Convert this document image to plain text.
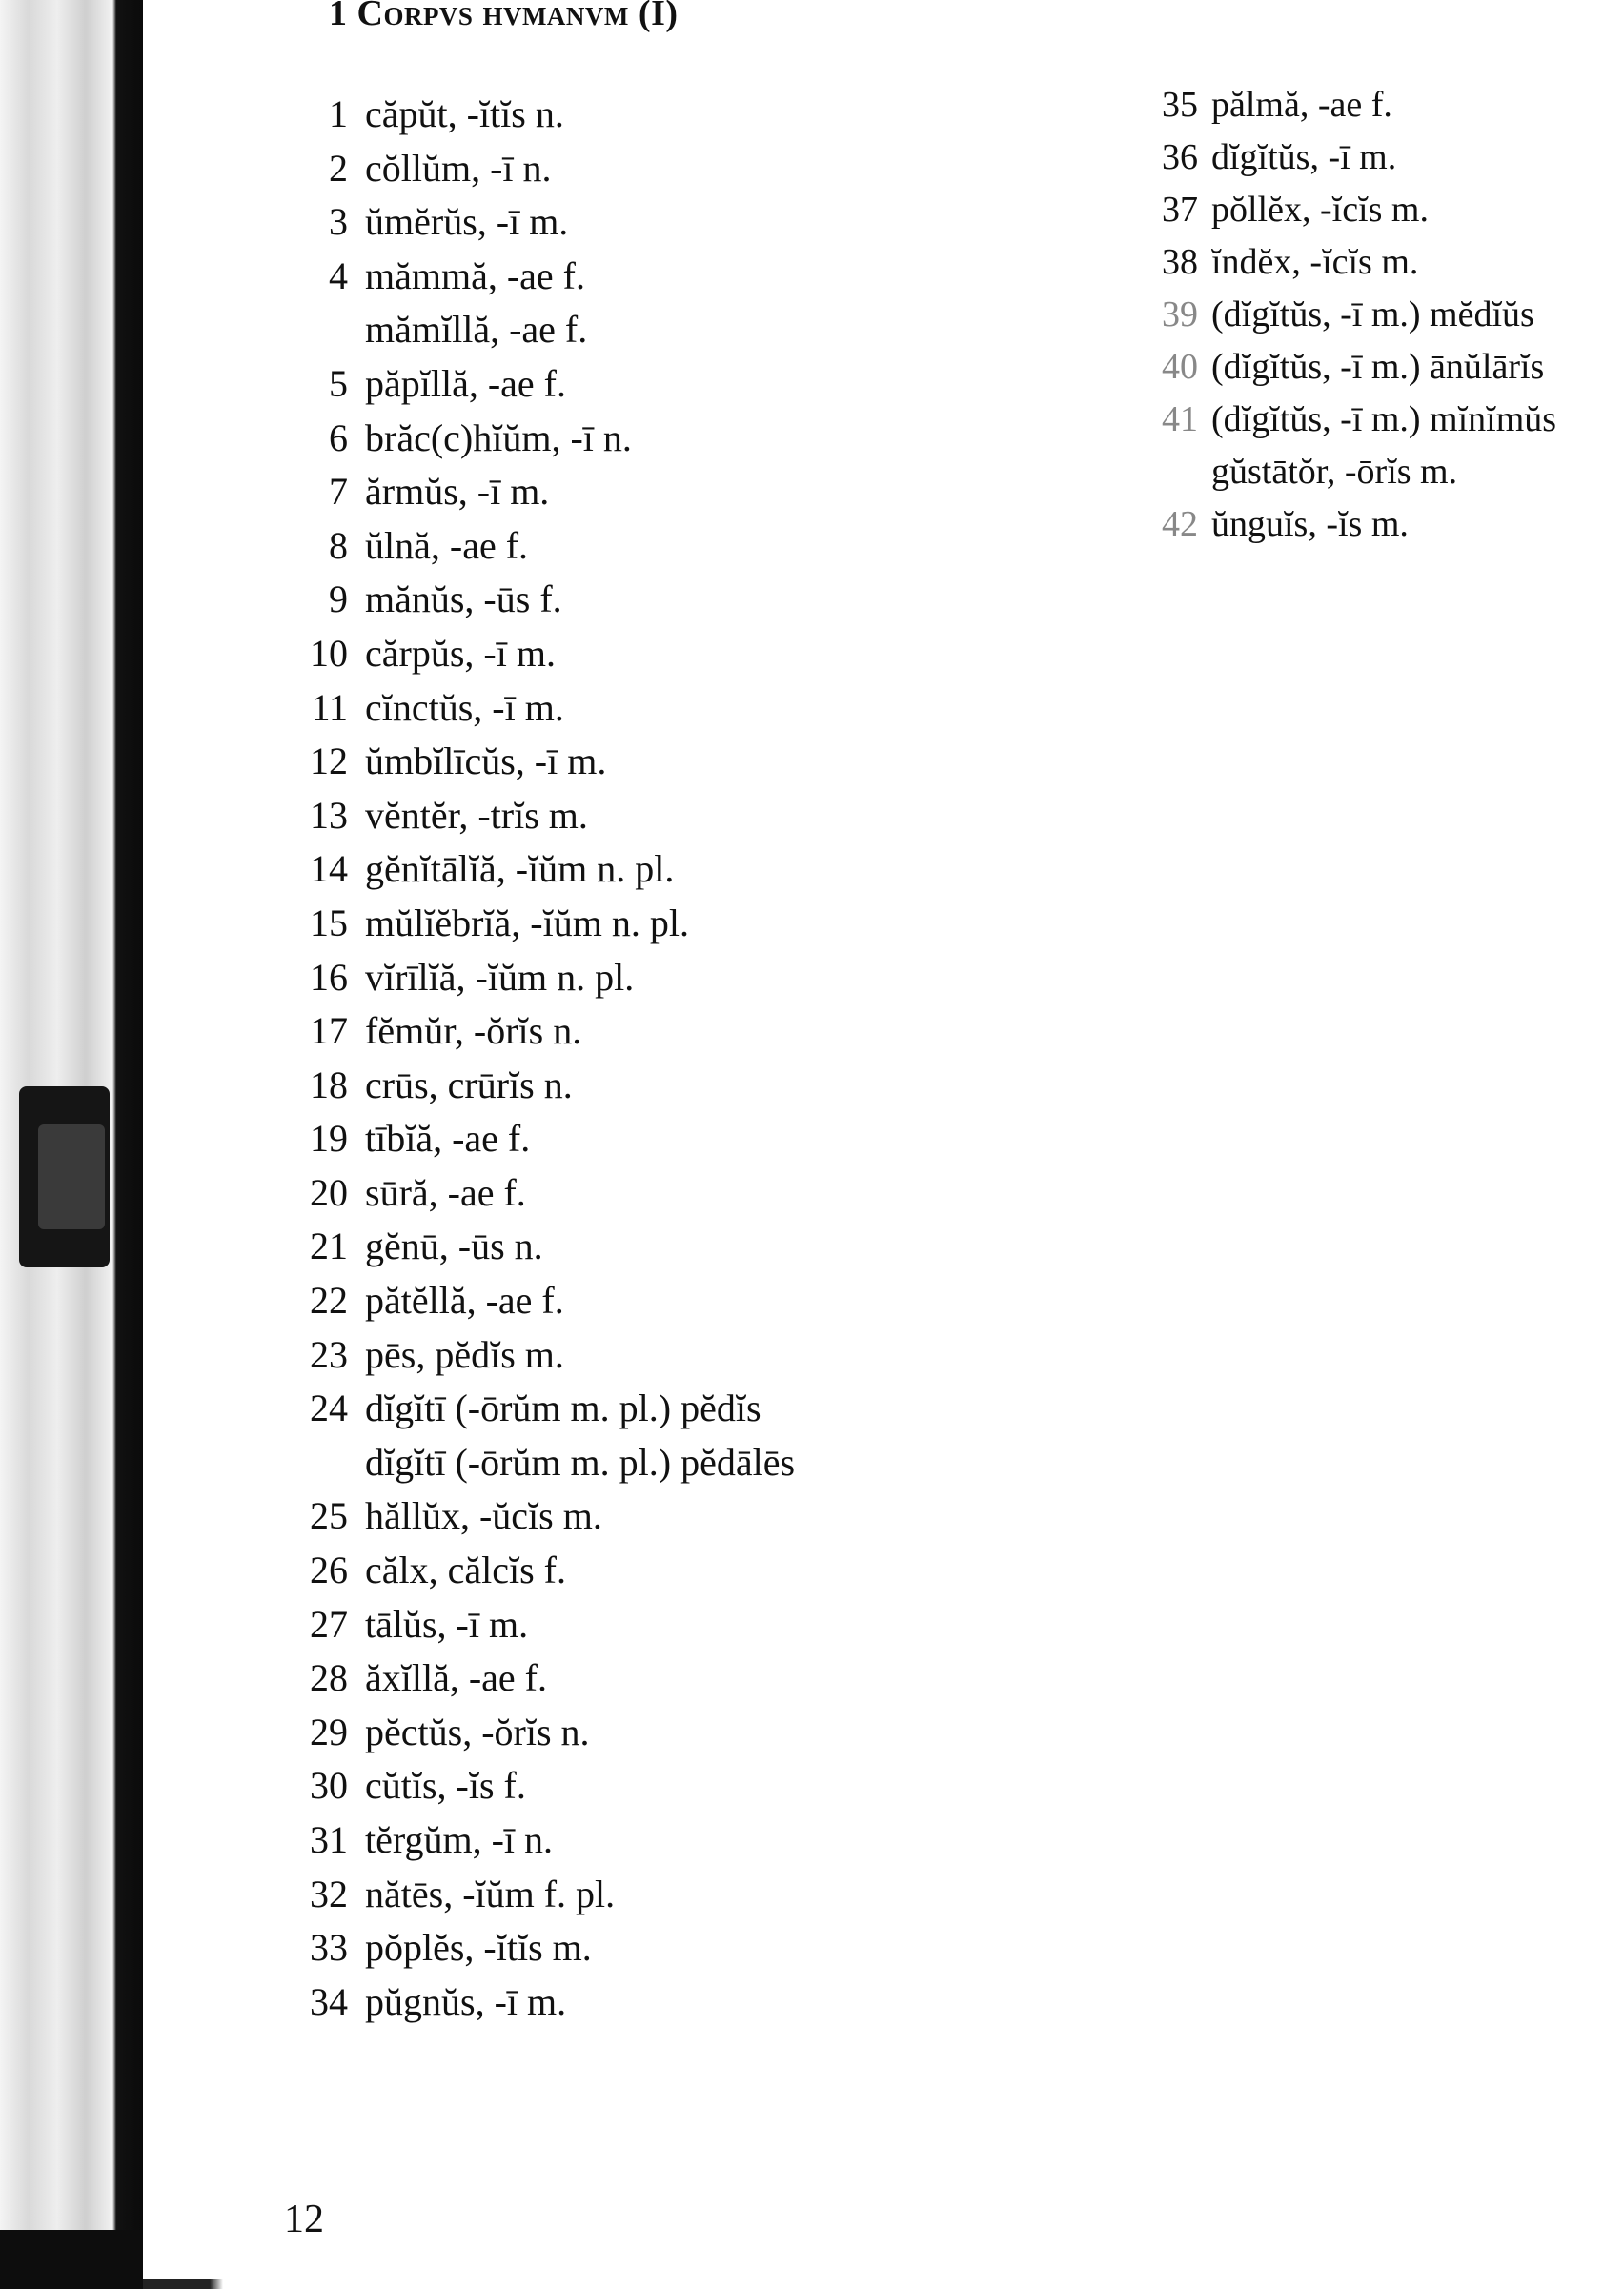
1 Corpvs hvmanvm (I)
1 căpŭt, -ĭtĭs n.
2 cŏllŭm, -ī n.
3 ŭmĕrŭs, -ī m.
4 mămmă, -ae f.
mămĭllă, -ae f.
5 păpĭllă, -ae f.
6 brăc(c)hĭŭm, -ī n.
7 ărmŭs, -ī m.
8 ŭlnă, -ae f.
9 mănŭs, -ūs f.
10 cărpŭs, -ī m.
11 cĭnctŭs, -ī m.
12 ŭmbĭlīcŭs, -ī m.
13 vĕntĕr, -trĭs m.
14 gĕnĭtālĭă, -ĭŭm n. pl.
15 mŭlĭĕbrĭă, -ĭŭm n. pl.
16 vĭrīlĭă, -ĭŭm n. pl.
17 fĕmŭr, -ŏrĭs n.
18 crūs, crūrĭs n.
19 tībĭă, -ae f.
20 sūră, -ae f.
21 gĕnū, -ūs n.
22 pătĕllă, -ae f.
23 pēs, pĕdĭs m.
24 dĭgĭtī (-ōrŭm m. pl.) pĕdĭs
dĭgĭtī (-ōrŭm m. pl.) pĕdālēs
25 hăllŭx, -ŭcĭs m.
26 călx, călcĭs f.
27 tālŭs, -ī m.
28 ăxĭllă, -ae f.
29 pĕctŭs, -ŏrĭs n.
30 cŭtĭs, -ĭs f.
31 tĕrgŭm, -ī n.
32 nătēs, -ĭŭm f. pl.
33 pŏplĕs, -ĭtĭs m.
34 pŭgnŭs, -ī m.
35 pălmă, -ae f.
36 dĭgĭtŭs, -ī m.
37 pŏllĕx, -ĭcĭs m.
38 ĭndĕx, -ĭcĭs m.
39 (dĭgĭtŭs, -ī m.) mĕdĭŭs
40 (dĭgĭtŭs, -ī m.) ānŭlārĭs
41 (dĭgĭtŭs, -ī m.) mĭnĭmŭs
gŭstātŏr, -ōrĭs m.
42 ŭnguĭs, -ĭs m.

12
